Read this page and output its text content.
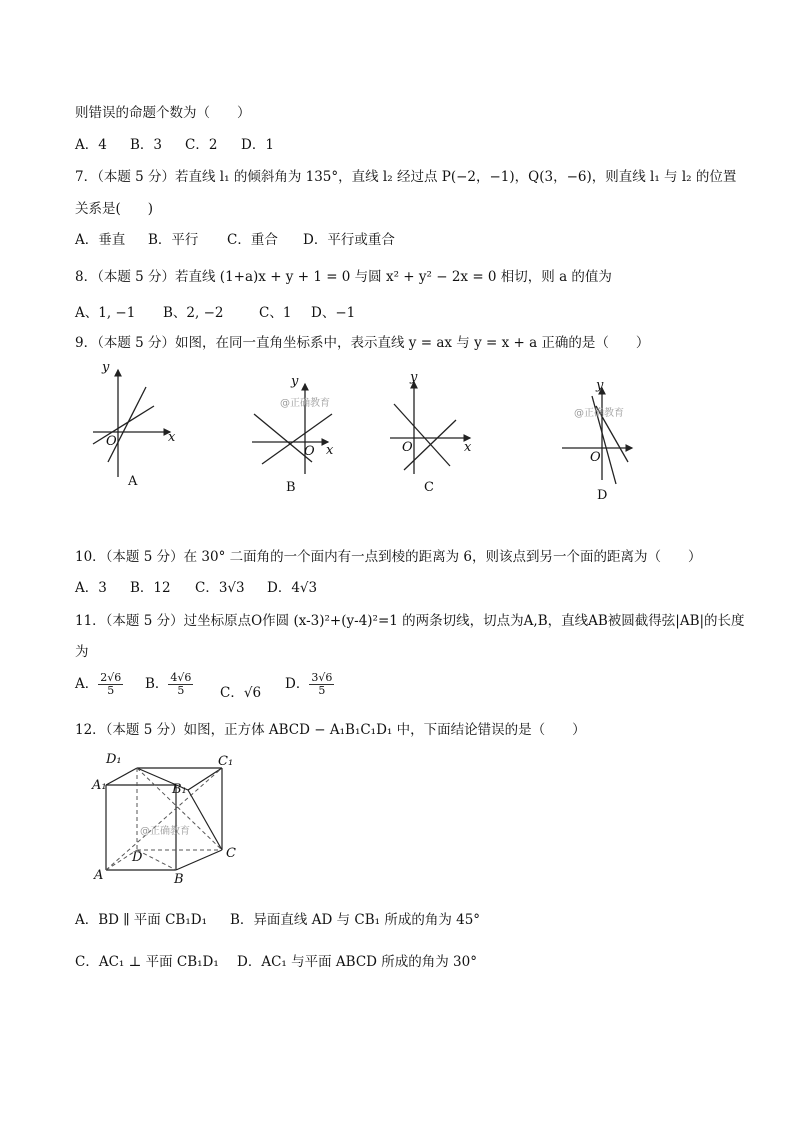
则错误的命题个数为（　　）
A．4 B．3 C．2 D．1
7．（本题 5 分）若直线 l₁ 的倾斜角为 135°，直线 l₂ 经过点 P(−2，−1)，Q(3，−6)，则直线 l₁ 与 l₂ 的位置
关系是(　　)
A．垂直 B．平行 C．重合 D．平行或重合
8．（本题 5 分）若直线 (1+a)x + y + 1 = 0 与圆 x² + y² − 2x = 0 相切，则 a 的值为
A、1, −1 B、2, −2	C、1 D、−1
9．（本题 5 分）如图，在同一直角坐标系中，表示直线 y = ax 与 y = x + a 正确的是（　　）
y
x
O
A
y
x
O
B
@正确教育
y
x
O
C
y
O
D
@正确教育
10．（本题 5 分）在 30° 二面角的一个面内有一点到棱的距离为 6，则该点到另一个面的距离为（　　）
A．3 B．12 C．3√3 D．4√3
11．（本题 5 分）过坐标原点O作圆 (x-3)²+(y-4)²=1 的两条切线，切点为A,B，直线AB被圆截得弦|AB|的长度
为
A． $\frac{2√6}{5}$ B． $\frac{4√6}{5}$ C．√6
D． $\frac{3√6}{5}$
12．（本题 5 分）如图，正方体 ABCD − A₁B₁C₁D₁ 中，下面结论错误的是（　　）
D₁	C₁
A₁	B₁
D	C
A	B
@正确教育
A．BD ∥ 平面 CB₁D₁ B．异面直线 AD 与 CB₁ 所成的角为 45°
C．AC₁ ⊥ 平面 CB₁D₁ D．AC₁ 与平面 ABCD 所成的角为 30°
